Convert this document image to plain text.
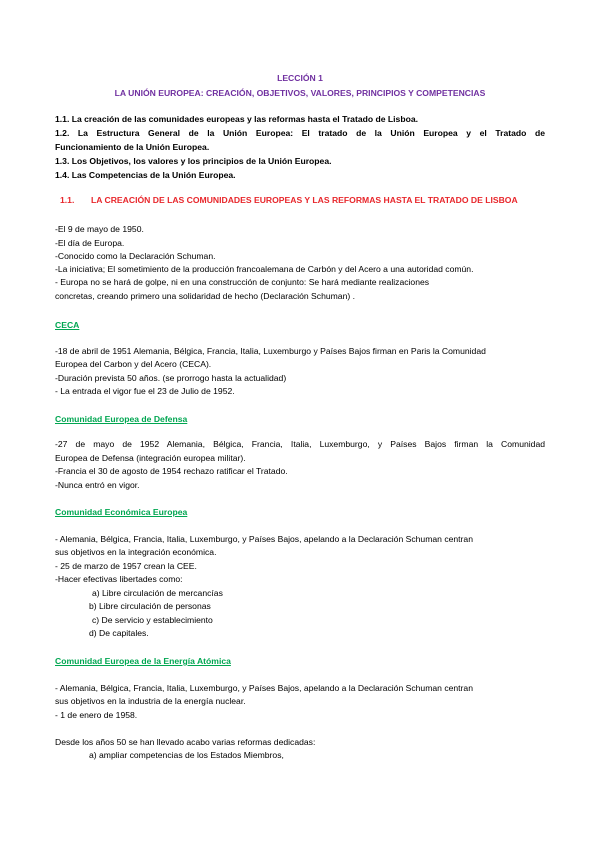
LECCIÓN 1
LA UNIÓN EUROPEA: CREACIÓN, OBJETIVOS, VALORES, PRINCIPIOS Y COMPETENCIAS
1.1. La creación de las comunidades europeas y las reformas hasta el Tratado de Lisboa.
1.2. La Estructura General de la Unión Europea: El tratado de la Unión Europea y el Tratado de
Funcionamiento de la Unión Europea.
1.3. Los Objetivos, los valores y los principios de la Unión Europea.
1.4. Las Competencias de la Unión Europea.
1.1. LA CREACIÓN DE LAS COMUNIDADES EUROPEAS Y LAS REFORMAS HASTA EL TRATADO DE LISBOA
-El 9 de mayo de 1950.
-El día de Europa.
-Conocido como la Declaración Schuman.
-La iniciativa; El sometimiento de la producción francoalemana de Carbón y del Acero a una autoridad común.
- Europa no se hará de golpe, ni en una construcción de conjunto: Se hará mediante realizaciones
concretas, creando primero una solidaridad de hecho (Declaración Schuman) .
CECA
-18 de abril de 1951 Alemania, Bélgica, Francia, Italia, Luxemburgo y Países Bajos firman en Paris la Comunidad
Europea del Carbon y del Acero (CECA).
-Duración prevista 50 años. (se prorrogo hasta la actualidad)
- La entrada el vigor fue el 23 de Julio de 1952.
Comunidad Europea de Defensa
-27 de mayo de 1952 Alemania, Bélgica, Francia, Italia, Luxemburgo, y Países Bajos firman la Comunidad
Europea de Defensa (integración europea militar).
-Francia el 30 de agosto de 1954 rechazo ratificar el Tratado.
-Nunca entró en vigor.
Comunidad Económica Europea
- Alemania, Bélgica, Francia, Italia, Luxemburgo, y Países Bajos, apelando a la Declaración Schuman centran
sus objetivos en la integración económica.
- 25 de marzo de 1957 crean la CEE.
-Hacer efectivas libertades como:
a) Libre circulación de mercancías
b) Libre circulación de personas
c) De servicio y establecimiento
d) De capitales.
Comunidad Europea de la Energía Atómica
- Alemania, Bélgica, Francia, Italia, Luxemburgo, y Países Bajos, apelando a la Declaración Schuman centran
sus objetivos en la industria de la energía nuclear.
- 1 de enero de 1958.
Desde los años 50 se han llevado acabo varias reformas dedicadas:
a) ampliar competencias de los Estados Miembros,
